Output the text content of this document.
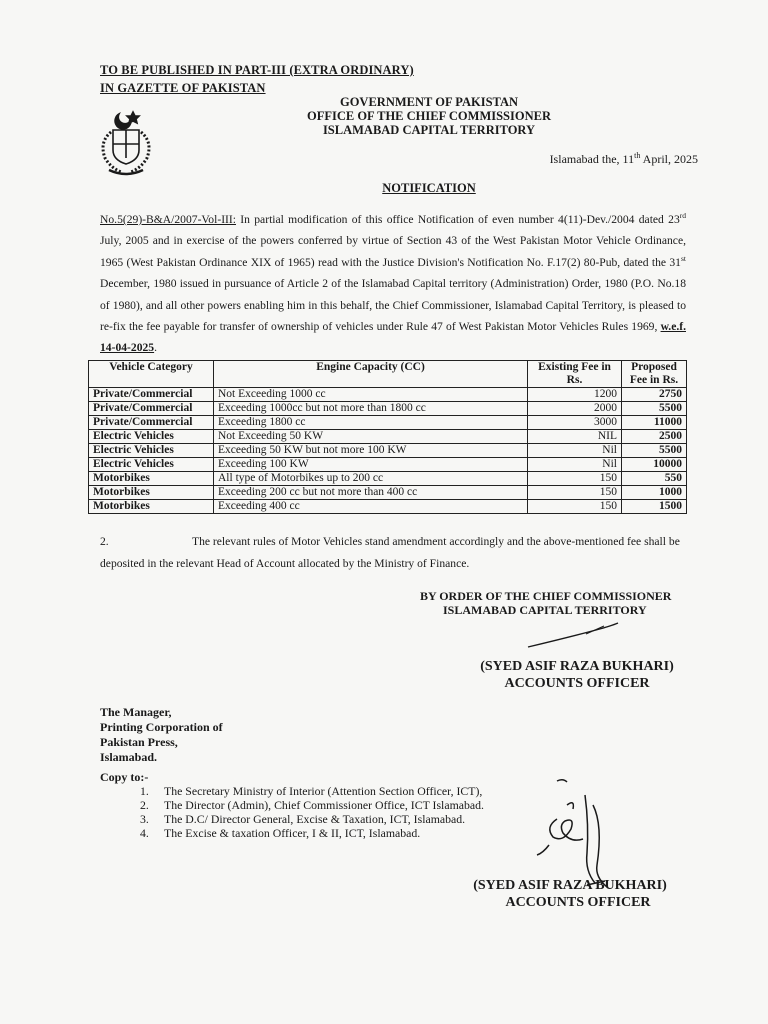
TO BE PUBLISHED IN PART-III (EXTRA ORDINARY)
IN GAZETTE OF PAKISTAN
GOVERNMENT OF PAKISTAN
OFFICE OF THE CHIEF COMMISSIONER
ISLAMABAD CAPITAL TERRITORY
Islamabad the, 11th April, 2025
NOTIFICATION
No.5(29)-B&A/2007-Vol-III: In partial modification of this office Notification of even number 4(11)-Dev./2004 dated 23rd July, 2005 and in exercise of the powers conferred by virtue of Section 43 of the West Pakistan Motor Vehicle Ordinance, 1965 (West Pakistan Ordinance XIX of 1965) read with the Justice Division's Notification No. F.17(2) 80-Pub, dated the 31st December, 1980 issued in pursuance of Article 2 of the Islamabad Capital territory (Administration) Order, 1980 (P.O. No.18 of 1980), and all other powers enabling him in this behalf, the Chief Commissioner, Islamabad Capital Territory, is pleased to re-fix the fee payable for transfer of ownership of vehicles under Rule 47 of West Pakistan Motor Vehicles Rules 1969, w.e.f. 14-04-2025.
Vehicle Category	Engine Capacity (CC)	Existing Fee in Rs.	Proposed Fee in Rs.
Private/Commercial	Not Exceeding 1000 cc	1200	2750
Private/Commercial	Exceeding 1000cc but not more than 1800 cc	2000	5500
Private/Commercial	Exceeding 1800 cc	3000	11000
Electric Vehicles	Not Exceeding 50 KW	NIL	2500
Electric Vehicles	Exceeding 50 KW but not more 100 KW	Nil	5500
Electric Vehicles	Exceeding 100 KW	Nil	10000
Motorbikes	All type of Motorbikes up to 200 cc	150	550
Motorbikes	Exceeding 200 cc but not more than 400 cc	150	1000
Motorbikes	Exceeding 400 cc	150	1500
2.	The relevant rules of Motor Vehicles stand amendment accordingly and the above-mentioned fee shall be deposited in the relevant Head of Account allocated by the Ministry of Finance.
BY ORDER OF THE CHIEF COMMISSIONER
ISLAMABAD CAPITAL TERRITORY
(SYED ASIF RAZA BUKHARI)
ACCOUNTS OFFICER
The Manager,
Printing Corporation of
Pakistan Press,
Islamabad.
Copy to:-
1. The Secretary Ministry of Interior (Attention Section Officer, ICT),
2. The Director (Admin), Chief Commissioner Office, ICT Islamabad.
3. The D.C/ Director General, Excise & Taxation, ICT, Islamabad.
4. The Excise & taxation Officer, I & II, ICT, Islamabad.
(SYED ASIF RAZA BUKHARI)
ACCOUNTS OFFICER
